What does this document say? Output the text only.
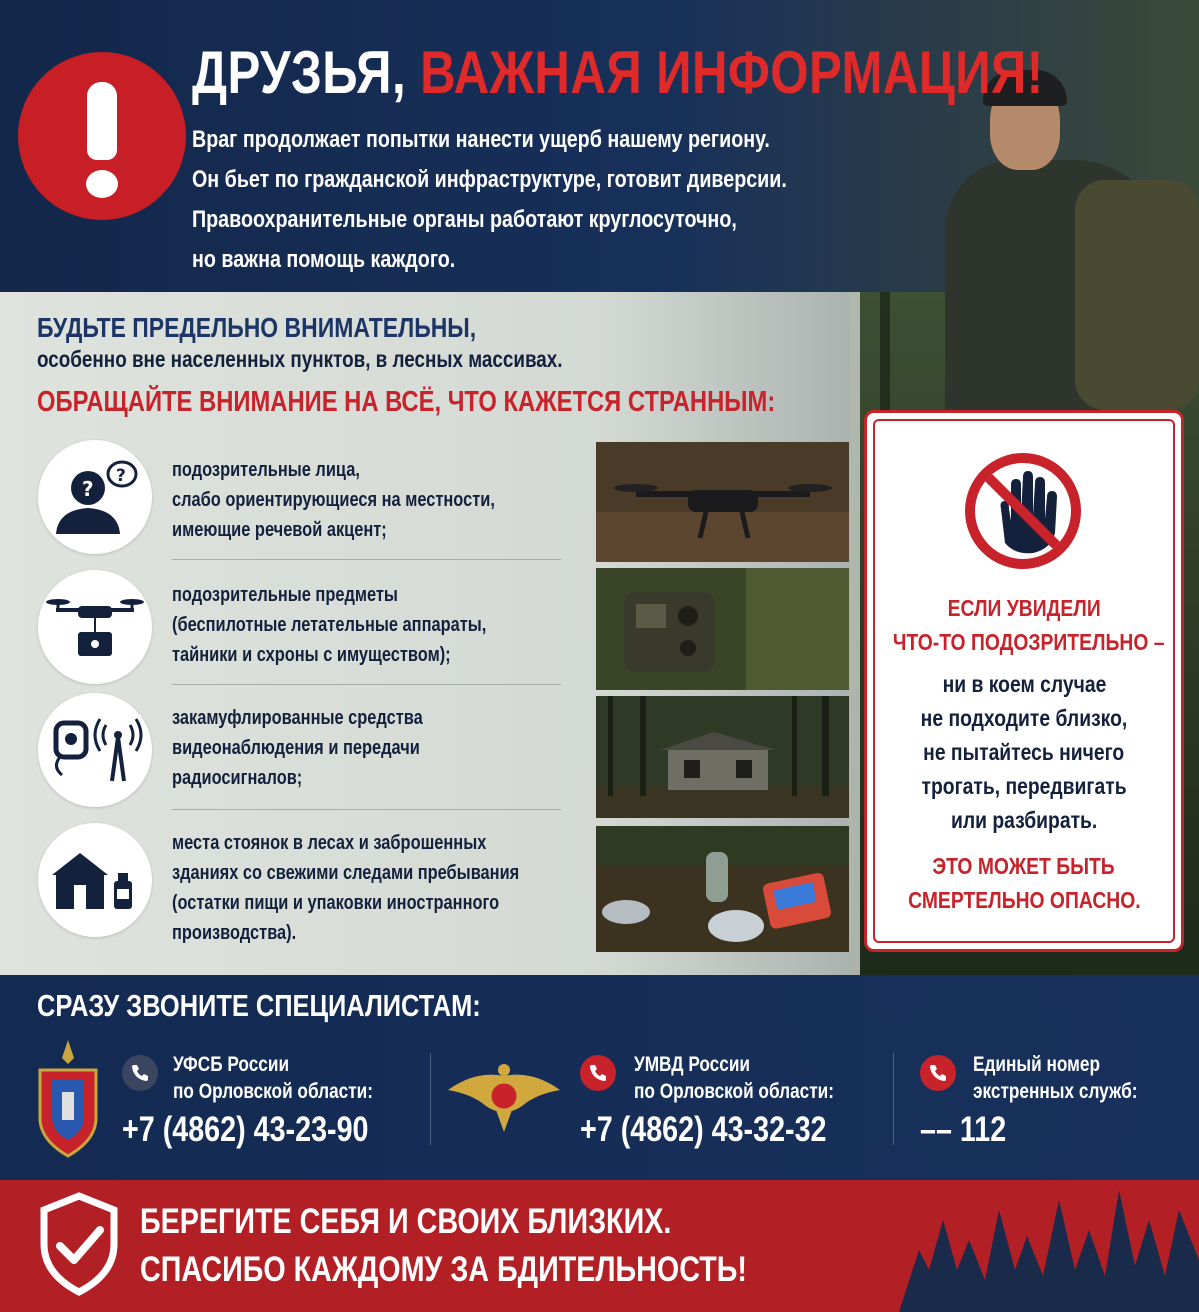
ДРУЗЬЯ, ВАЖНАЯ ИНФОРМАЦИЯ!
Враг продолжает попытки нанести ущерб нашему региону.
Он бьет по гражданской инфраструктуре, готовит диверсии.
Правоохранительные органы работают круглосуточно,
но важна помощь каждого.
БУДЬТЕ ПРЕДЕЛЬНО ВНИМАТЕЛЬНЫ,
особенно вне населенных пунктов, в лесных массивах.
ОБРАЩАЙТЕ ВНИМАНИЕ НА ВСЁ, ЧТО КАЖЕТСЯ СТРАННЫМ:
?
? подозрительные лица,
слабо ориентирующиеся на местности,
имеющие речевой акцент;
подозрительные предметы
(беспилотные летательные аппараты,
тайники и схроны с имуществом);
закамуфлированные средства
видеонаблюдения и передачи
радиосигналов;
места стоянок в лесах и заброшенных
зданиях со свежими следами пребывания
(остатки пищи и упаковки иностранного
производства).
ЕСЛИ УВИДЕЛИ
ЧТО-ТО ПОДОЗРИТЕЛЬНО –
ни в коем случае
не подходите близко,
не пытайтесь ничего
трогать, передвигать
или разбирать.
ЭТО МОЖЕТ БЫТЬ
СМЕРТЕЛЬНО ОПАСНО.
СРАЗУ ЗВОНИТЕ СПЕЦИАЛИСТАМ:
УФСБ России
по Орловской области:
+7 (4862) 43-23-90
УМВД России
по Орловской области:
+7 (4862) 43-32-32
Единый номер
экстренных служб:
–– 112
БЕРЕГИТЕ СЕБЯ И СВОИХ БЛИЗКИХ.
СПАСИБО КАЖДОМУ ЗА БДИТЕЛЬНОСТЬ!
